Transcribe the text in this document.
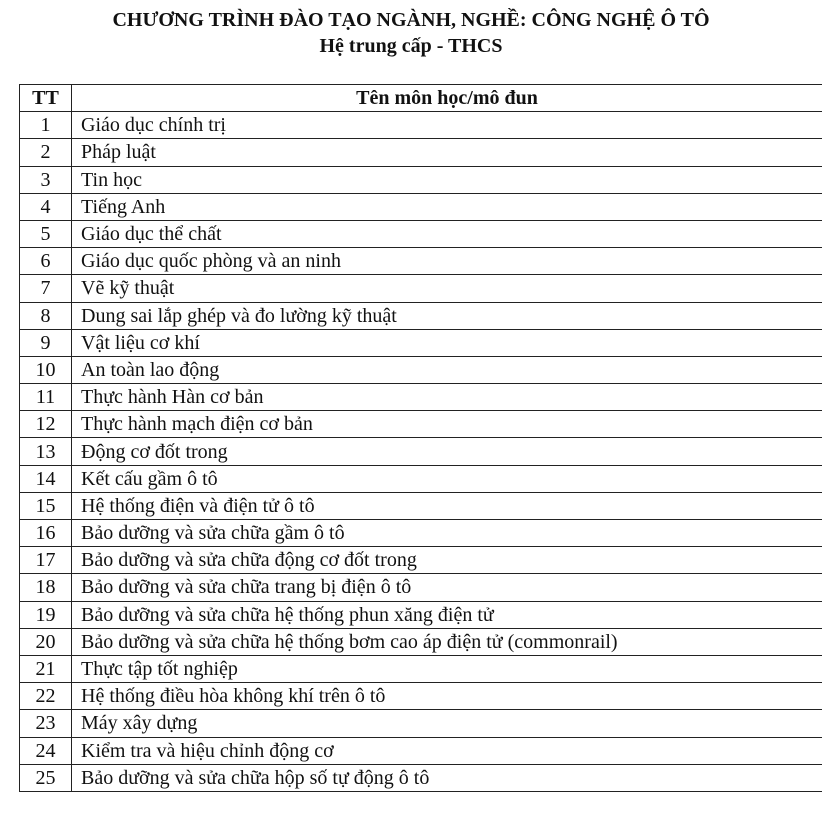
CHƯƠNG TRÌNH ĐÀO TẠO NGÀNH, NGHỀ: CÔNG NGHỆ Ô TÔ
Hệ trung cấp - THCS
TT	Tên môn học/mô đun
1	Giáo dục chính trị
2	Pháp luật
3	Tin học
4	Tiếng Anh
5	Giáo dục thể chất
6	Giáo dục quốc phòng và an ninh
7	Vẽ kỹ thuật
8	Dung sai lắp ghép và đo lường kỹ thuật
9	Vật liệu cơ khí
10	An toàn lao động
11	Thực hành Hàn cơ bản
12	Thực hành mạch điện cơ bản
13	Động cơ đốt trong
14	Kết cấu gầm ô tô
15	Hệ thống điện và điện tử ô tô
16	Bảo dưỡng và sửa chữa gầm ô tô
17	Bảo dưỡng và sửa chữa động cơ đốt trong
18	Bảo dưỡng và sửa chữa trang bị điện ô tô
19	Bảo dưỡng và sửa chữa hệ thống phun xăng điện tử
20	Bảo dưỡng và sửa chữa hệ thống bơm cao áp điện tử (commonrail)
21	Thực tập tốt nghiệp
22	Hệ thống điều hòa không khí trên ô tô
23	Máy xây dựng
24	Kiểm tra và hiệu chỉnh động cơ
25	Bảo dưỡng và sửa chữa hộp số tự động ô tô
